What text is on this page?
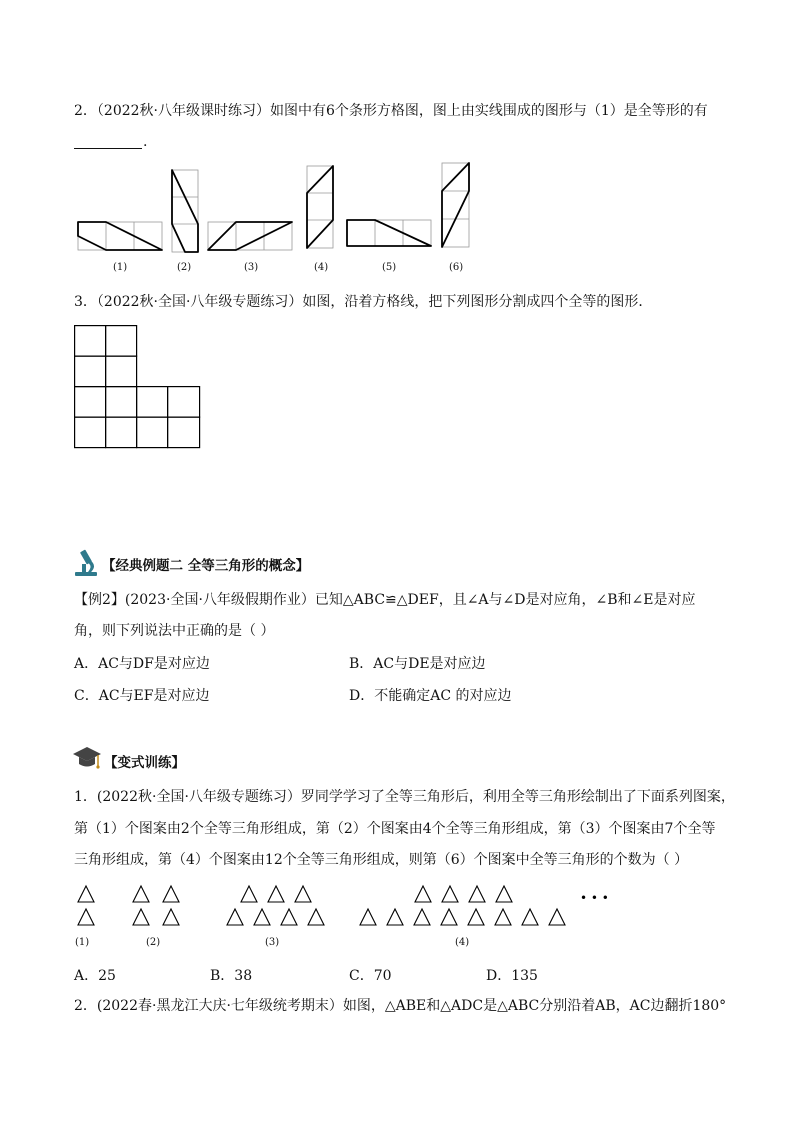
2．（2022秋·八年级课时练习）如图中有6个条形方格图，图上由实线围成的图形与（1）是全等形的有
.
(1)	(2)	(3)	(4)	(5)	(6)
3．（2022秋·全国·八年级专题练习）如图，沿着方格线，把下列图形分割成四个全等的图形．
【经典例题二 全等三角形的概念】
【例2】(2023·全国·八年级假期作业）已知△ABC≌△DEF，且∠A与∠D是对应角，∠B和∠E是对应
角，则下列说法中正确的是（ ）
A．AC与DF是对应边	B．AC与DE是对应边
C．AC与EF是对应边	D．不能确定AC 的对应边
【变式训练】
1．(2022秋·全国·八年级专题练习）罗同学学习了全等三角形后，利用全等三角形绘制出了下面系列图案，
第（1）个图案由2个全等三角形组成，第（2）个图案由4个全等三角形组成，第（3）个图案由7个全等
三角形组成，第（4）个图案由12个全等三角形组成，则第（6）个图案中全等三角形的个数为（ ）
• • •
(1)	(2)	(3)	(4)
A．25	B．38	C．70	D．135
2．(2022春·黑龙江大庆·七年级统考期末）如图，△ABE和△ADC是△ABC分别沿着AB，AC边翻折180°
